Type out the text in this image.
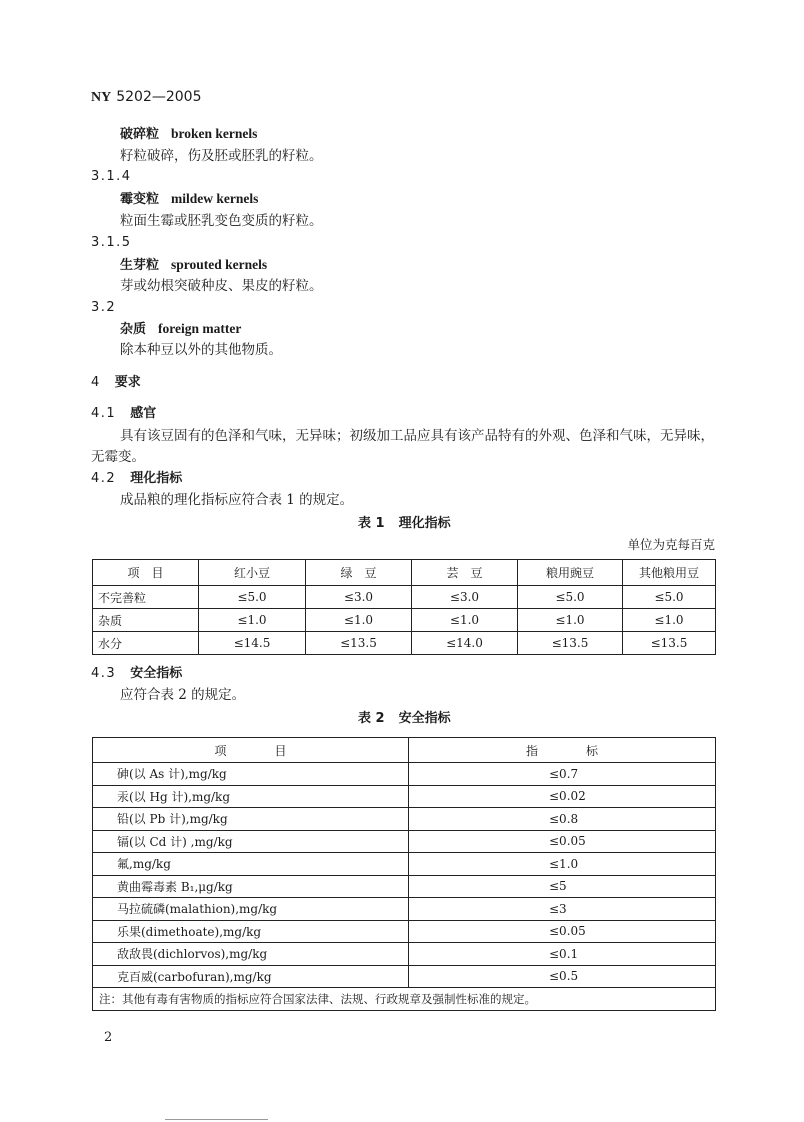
NY 5202—2005
破碎粒 broken kernels
籽粒破碎，伤及胚或胚乳的籽粒。
3.1.4
霉变粒 mildew kernels
粒面生霉或胚乳变色变质的籽粒。
3.1.5
生芽粒 sprouted kernels
芽或幼根突破种皮、果皮的籽粒。
3.2
杂质 foreign matter
除本种豆以外的其他物质。
4 要求
4.1 感官
具有该豆固有的色泽和气味，无异味；初级加工品应具有该产品特有的外观、色泽和气味，无异味，
无霉变。
4.2 理化指标
成品粮的理化指标应符合表 1 的规定。
表 1 理化指标
单位为克每百克
项　目	红小豆	绿　豆	芸　豆	粮用豌豆	其他粮用豆
不完善粒	≤5.0	≤3.0	≤3.0	≤5.0	≤5.0
杂质	≤1.0	≤1.0	≤1.0	≤1.0	≤1.0
水分	≤14.5	≤13.5	≤14.0	≤13.5	≤13.5
4.3 安全指标
应符合表 2 的规定。
表 2 安全指标
项　　　　目	指　　　　标
砷(以 As 计),mg/kg	≤0.7
汞(以 Hg 计),mg/kg	≤0.02
铅(以 Pb 计),mg/kg	≤0.8
镉(以 Cd 计) ,mg/kg	≤0.05
氟,mg/kg	≤1.0
黄曲霉毒素 B₁,μg/kg	≤5
马拉硫磷(malathion),mg/kg	≤3
乐果(dimethoate),mg/kg	≤0.05
敌敌畏(dichlorvos),mg/kg	≤0.1
克百威(carbofuran),mg/kg	≤0.5
注：其他有毒有害物质的指标应符合国家法律、法规、行政规章及强制性标准的规定。	
2
